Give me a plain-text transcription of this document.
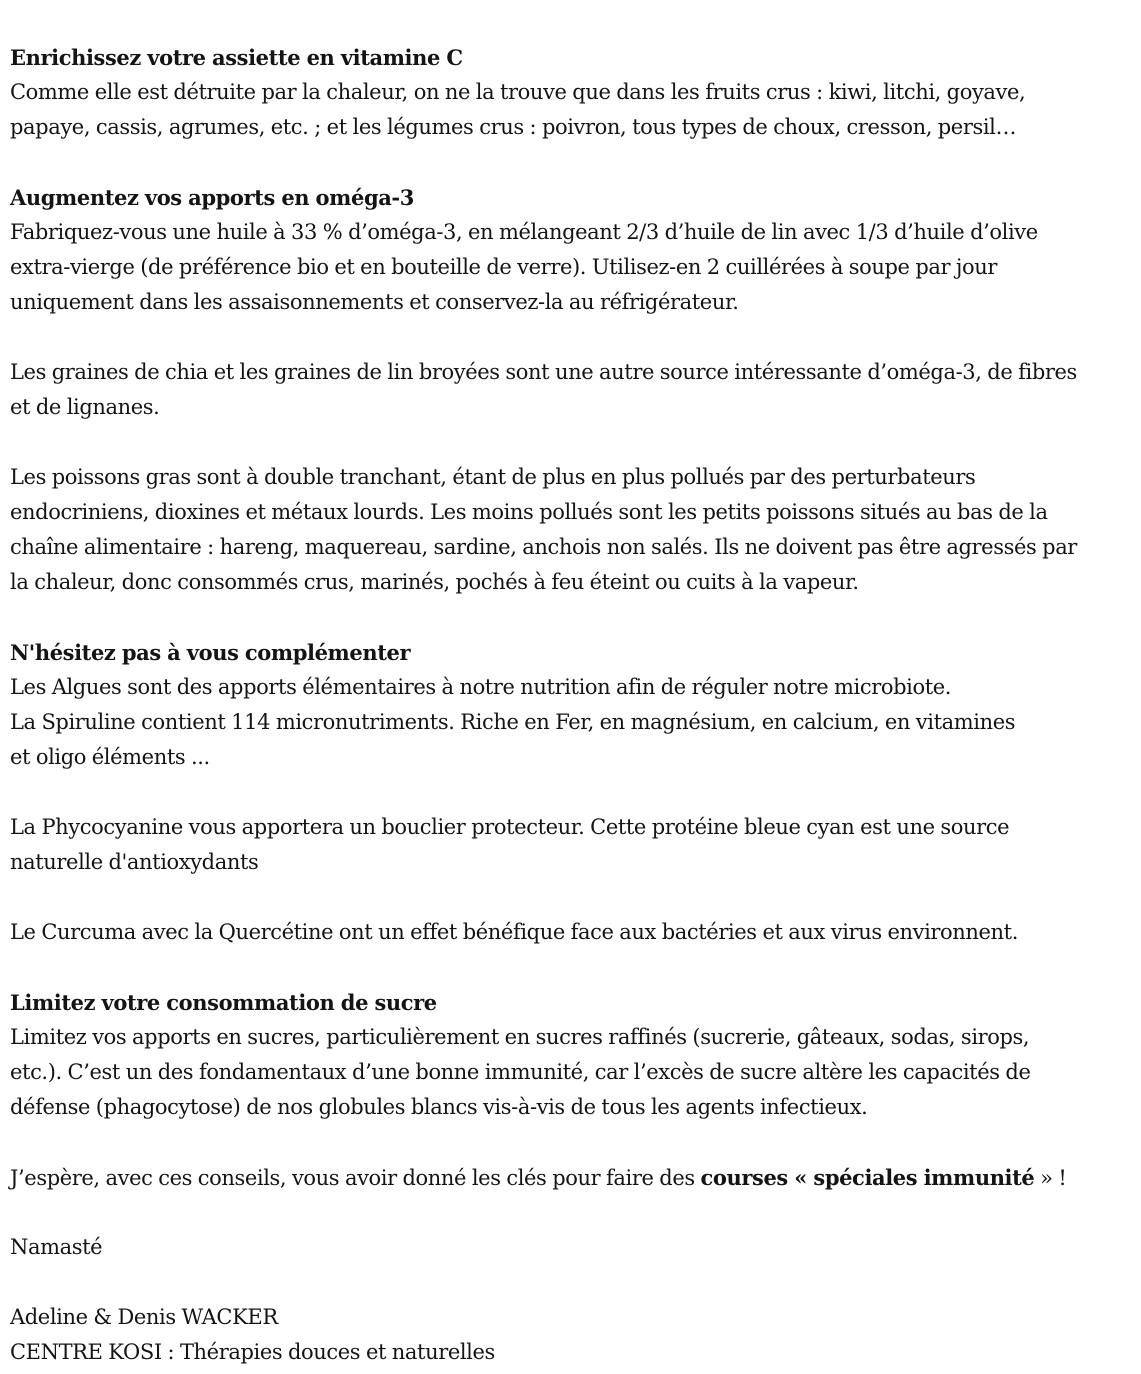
Enrichissez votre assiette en vitamine C
Comme elle est détruite par la chaleur, on ne la trouve que dans les fruits crus : kiwi, litchi, goyave,
papaye, cassis, agrumes, etc. ; et les légumes crus : poivron, tous types de choux, cresson, persil…
Augmentez vos apports en oméga-3
Fabriquez-vous une huile à 33 % d’oméga-3, en mélangeant 2/3 d’huile de lin avec 1/3 d’huile d’olive
extra-vierge (de préférence bio et en bouteille de verre). Utilisez-en 2 cuillérées à soupe par jour
uniquement dans les assaisonnements et conservez-la au réfrigérateur.
Les graines de chia et les graines de lin broyées sont une autre source intéressante d’oméga-3, de fibres
et de lignanes.
Les poissons gras sont à double tranchant, étant de plus en plus pollués par des perturbateurs
endocriniens, dioxines et métaux lourds. Les moins pollués sont les petits poissons situés au bas de la
chaîne alimentaire : hareng, maquereau, sardine, anchois non salés. Ils ne doivent pas être agressés par
la chaleur, donc consommés crus, marinés, pochés à feu éteint ou cuits à la vapeur.
N'hésitez pas à vous complémenter
Les Algues sont des apports élémentaires à notre nutrition afin de réguler notre microbiote.
La Spiruline contient 114 micronutriments. Riche en Fer, en magnésium, en calcium, en vitamines
et oligo éléments ...
La Phycocyanine vous apportera un bouclier protecteur. Cette protéine bleue cyan est une source
naturelle d'antioxydants
Le Curcuma avec la Quercétine ont un effet bénéfique face aux bactéries et aux virus environnent.
Limitez votre consommation de sucre
Limitez vos apports en sucres, particulièrement en sucres raffinés (sucrerie, gâteaux, sodas, sirops,
etc.). C’est un des fondamentaux d’une bonne immunité, car l’excès de sucre altère les capacités de
défense (phagocytose) de nos globules blancs vis-à-vis de tous les agents infectieux.
J’espère, avec ces conseils, vous avoir donné les clés pour faire des courses « spéciales immunité » !
Namasté
Adeline & Denis WACKER
CENTRE KOSI : Thérapies douces et naturelles
